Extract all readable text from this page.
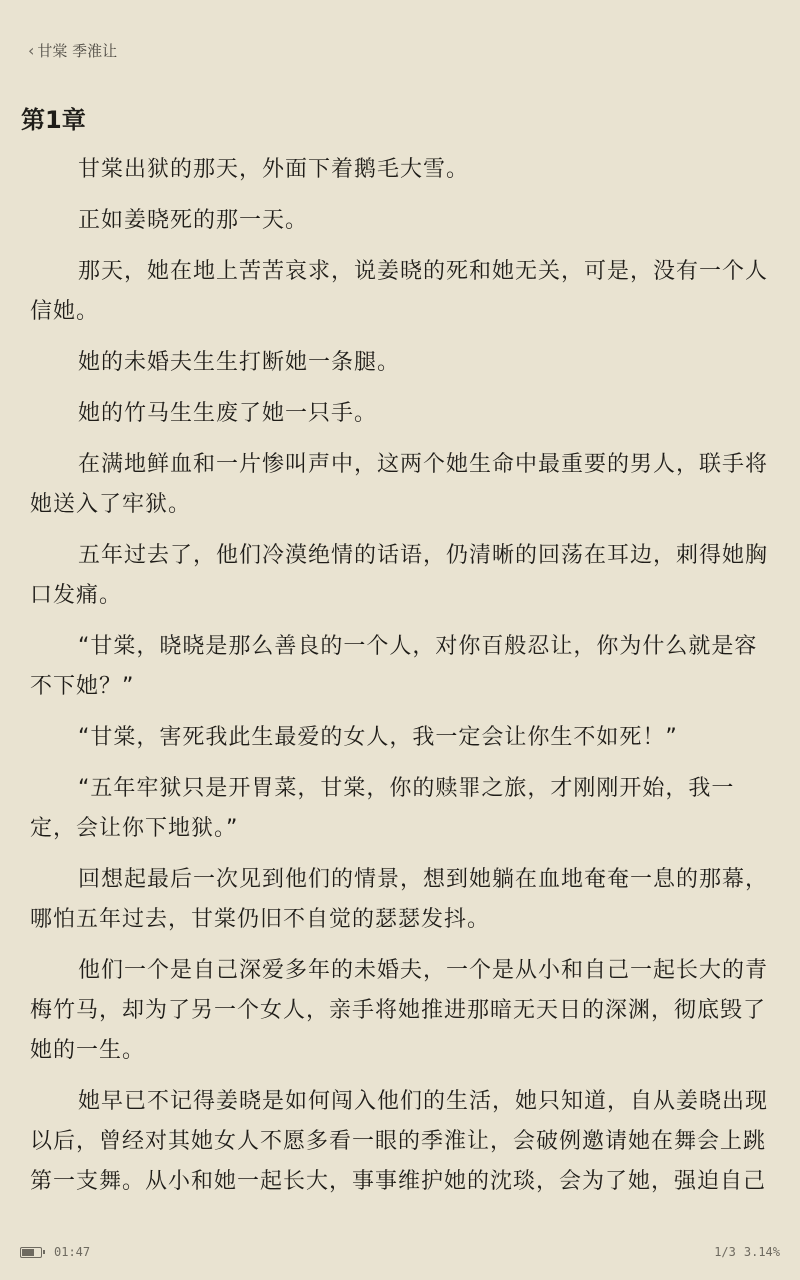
‹ 甘棠 季淮让
第1章
甘棠出狱的那天，外面下着鹅毛大雪。
正如姜晓死的那一天。
那天，她在地上苦苦哀求，说姜晓的死和她无关，可是，没有一个人
信她。
她的未婚夫生生打断她一条腿。
她的竹马生生废了她一只手。
在满地鲜血和一片惨叫声中，这两个她生命中最重要的男人，联手将
她送入了牢狱。
五年过去了，他们冷漠绝情的话语，仍清晰的回荡在耳边，刺得她胸
口发痛。
“甘棠，晓晓是那么善良的一个人，对你百般忍让，你为什么就是容
不下她？”
“甘棠，害死我此生最爱的女人，我一定会让你生不如死！”
“五年牢狱只是开胃菜，甘棠，你的赎罪之旅，才刚刚开始，我一
定，会让你下地狱。”
回想起最后一次见到他们的情景，想到她躺在血地奄奄一息的那幕，
哪怕五年过去，甘棠仍旧不自觉的瑟瑟发抖。
他们一个是自己深爱多年的未婚夫，一个是从小和自己一起长大的青
梅竹马，却为了另一个女人，亲手将她推进那暗无天日的深渊，彻底毁了
她的一生。
她早已不记得姜晓是如何闯入他们的生活，她只知道，自从姜晓出现
以后，曾经对其她女人不愿多看一眼的季淮让，会破例邀请她在舞会上跳
第一支舞。从小和她一起长大，事事维护她的沈琰，会为了她，强迫自己
01:47	1/3 3.14%
